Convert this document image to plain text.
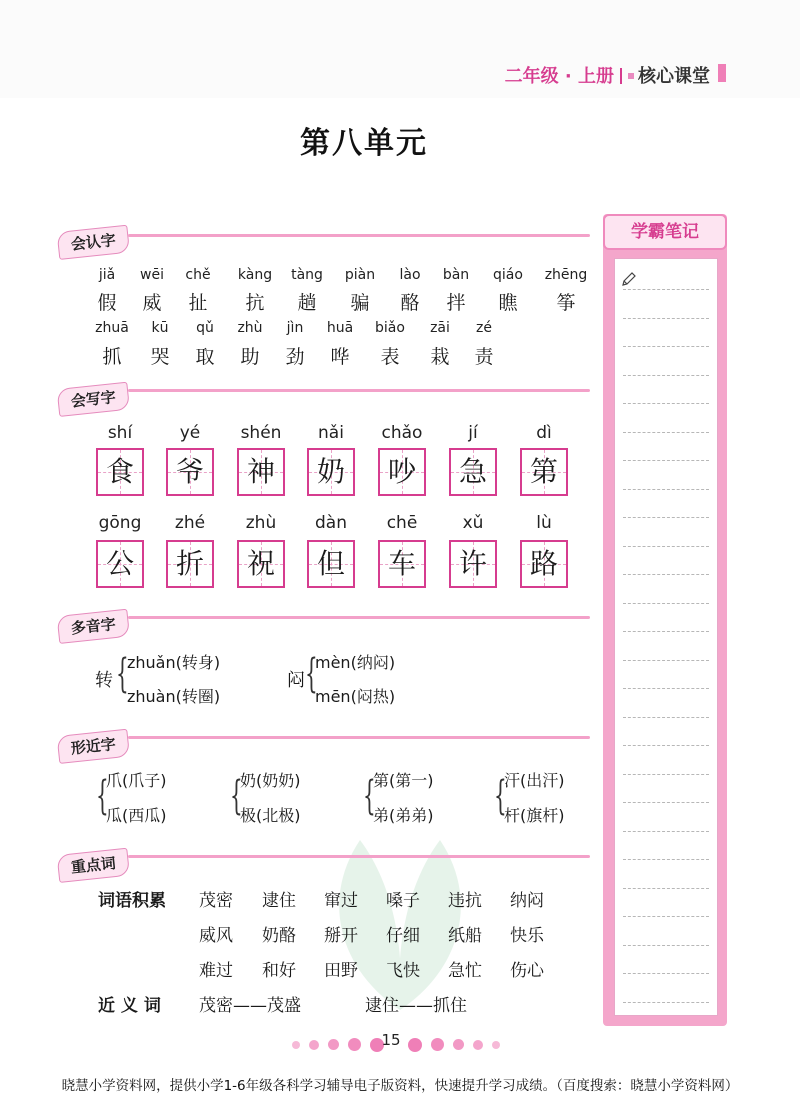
二年级 · 上册 核心课堂
第八单元
会认字
jiǎ
假
wēi
威
chě
扯
kàng
抗
tàng
趟
piàn
骗
lào
酪
bàn
拌
qiáo
瞧
zhēng
筝
zhuā
抓
kū
哭
qǔ
取
zhù
助
jìn
劲
huā
哗
biǎo
表
zāi
栽
zé
责
会写字
shí
食
yé
爷
shén
神
nǎi
奶
chǎo
吵
jí
急
dì
第
gōng
公
zhé
折
zhù
祝
dàn
但
chē
车
xǔ
许
lù
路
多音字
转 {
zhuǎn(转身)
zhuàn(转圈)
闷 {
mèn(纳闷)
mēn(闷热)
形近字
{
爪(爪子)
瓜(西瓜) {
奶(奶奶)
极(北极) {
第(第一)
弟(弟弟) {
汗(出汗)
杆(旗杆)
重点词
词语积累 茂密 逮住 窜过 嗓子 违抗 纳闷
威风 奶酪 掰开 仔细 纸船 快乐
难过 和好 田野 飞快 急忙 伤心
近 义 词 茂密——茂盛	逮住——抓住
学霸笔记

15

晓慧小学资料网，提供小学1-6年级各科学习辅导电子版资料，快速提升学习成绩。（百度搜索：晓慧小学资料网）
